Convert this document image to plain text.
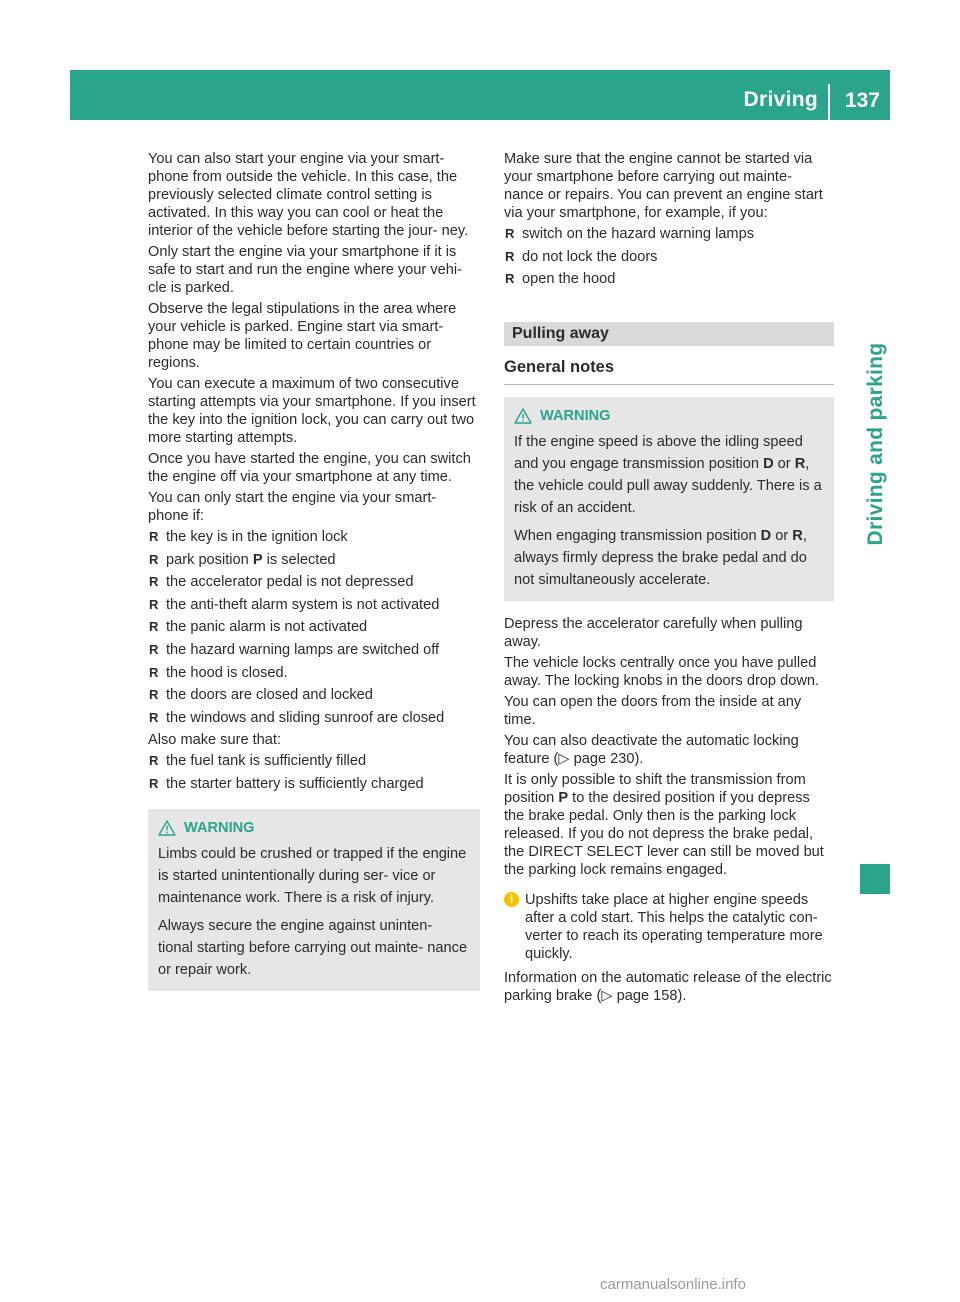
Driving 137
Driving and parking

You can also start your engine via your smart- phone from outside the vehicle. In this case, the previously selected climate control setting is activated. In this way you can cool or heat the interior of the vehicle before starting the jour- ney.

Only start the engine via your smartphone if it is safe to start and run the engine where your vehi- cle is parked.

Observe the legal stipulations in the area where your vehicle is parked. Engine start via smart- phone may be limited to certain countries or regions.

You can execute a maximum of two consecutive starting attempts via your smartphone. If you insert the key into the ignition lock, you can carry out two more starting attempts.

Once you have started the engine, you can switch the engine off via your smartphone at any time.

You can only start the engine via your smart- phone if:

R the key is in the ignition lock
R park position P is selected
R the accelerator pedal is not depressed
R the anti-theft alarm system is not activated
R the panic alarm is not activated
R the hazard warning lamps are switched off
R the hood is closed.
R the doors are closed and locked
R the windows and sliding sunroof are closed

Also make sure that:

R the fuel tank is sufficiently filled
R the starter battery is sufficiently charged
WARNING

Limbs could be crushed or trapped if the engine is started unintentionally during ser- vice or maintenance work. There is a risk of injury.

Always secure the engine against uninten- tional starting before carrying out mainte- nance or repair work.

Make sure that the engine cannot be started via your smartphone before carrying out mainte- nance or repairs. You can prevent an engine start via your smartphone, for example, if you:

R switch on the hazard warning lamps
R do not lock the doors
R open the hood
Pulling away
General notes
WARNING

If the engine speed is above the idling speed and you engage transmission position D or R, the vehicle could pull away suddenly. There is a risk of an accident.

When engaging transmission position D or R, always firmly depress the brake pedal and do not simultaneously accelerate.

Depress the accelerator carefully when pulling away.

The vehicle locks centrally once you have pulled away. The locking knobs in the doors drop down.

You can open the doors from the inside at any time.

You can also deactivate the automatic locking feature (▷ page 230).

It is only possible to shift the transmission from position P to the desired position if you depress the brake pedal. Only then is the parking lock released. If you do not depress the brake pedal, the DIRECT SELECT lever can still be moved but the parking lock remains engaged.

i Upshifts take place at higher engine speeds after a cold start. This helps the catalytic con- verter to reach its operating temperature more quickly.

Information on the automatic release of the electric parking brake (▷ page 158).

carmanualsonline.info
